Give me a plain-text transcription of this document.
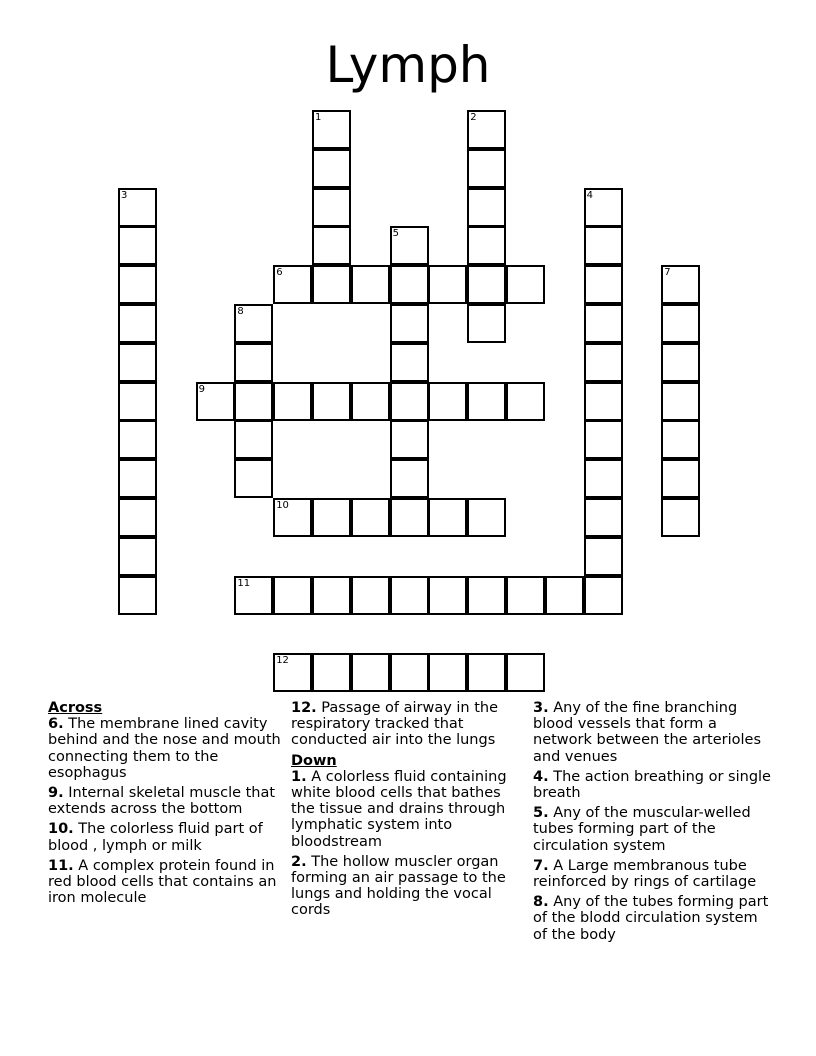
Lymph
1	2
3	4
5
6	7
8
9
10
11
12

Across

6. The membrane lined cavity behind and the nose and mouth connecting them to the esophagus

9. Internal skeletal muscle that extends across the bottom

10. The colorless fluid part of blood , lymph or milk

11. A complex protein found in red blood cells that contains an iron molecule

12. Passage of airway in the respiratory tracked that conducted air into the lungs

Down

1. A colorless fluid containing white blood cells that bathes the tissue and drains through lymphatic system into bloodstream

2. The hollow muscler organ forming an air passage to the lungs and holding the vocal cords

3. Any of the fine branching blood vessels that form a network between the arterioles and venues

4. The action breathing or single breath

5. Any of the muscular-welled tubes forming part of the circulation system

7. A Large membranous tube reinforced by rings of cartilage

8. Any of the tubes forming part of the blodd circulation system of the body
